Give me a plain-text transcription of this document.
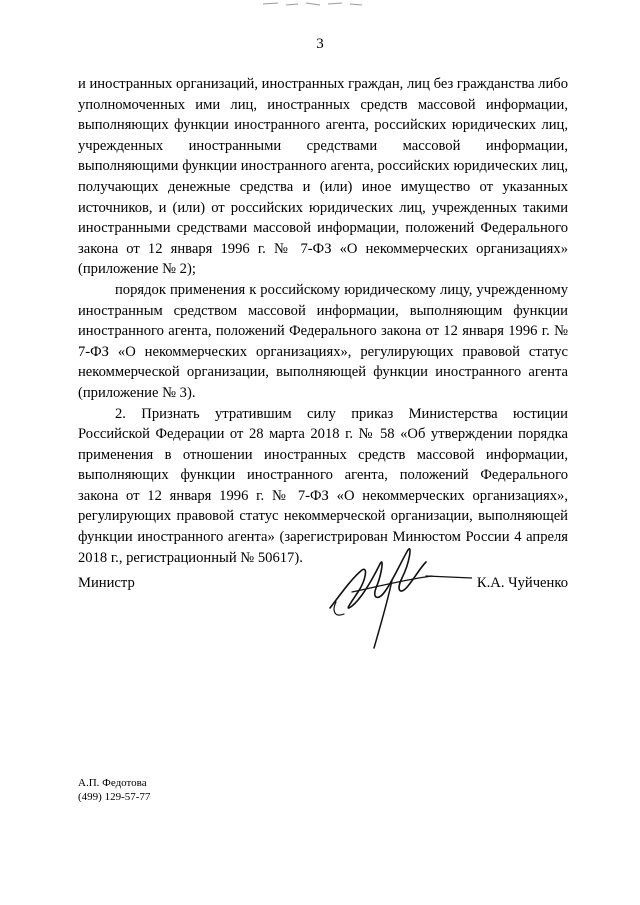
3

и иностранных организаций, иностранных граждан, лиц без гражданства либо уполномоченных ими лиц, иностранных средств массовой информации, выполняющих функции иностранного агента, российских юридических лиц, учрежденных иностранными средствами массовой информации, выполняющими функции иностранного агента, российских юридических лиц, получающих денежные средства и (или) иное имущество от указанных источников, и (или) от российских юридических лиц, учрежденных такими иностранными средствами массовой информации, положений Федерального закона от 12 января 1996 г. № 7-ФЗ «О некоммерческих организациях» (приложение № 2);

порядок применения к российскому юридическому лицу, учрежденному иностранным средством массовой информации, выполняющим функции иностранного агента, положений Федерального закона от 12 января 1996 г. № 7-ФЗ «О некоммерческих организациях», регулирующих правовой статус некоммерческой организации, выполняющей функции иностранного агента (приложение № 3).

2. Признать утратившим силу приказ Министерства юстиции Российской Федерации от 28 марта 2018 г. № 58 «Об утверждении порядка применения в отношении иностранных средств массовой информации, выполняющих функции иностранного агента, положений Федерального закона от 12 января 1996 г. № 7-ФЗ «О некоммерческих организациях», регулирующих правовой статус некоммерческой организации, выполняющей функции иностранного агента» (зарегистрирован Минюстом России 4 апреля 2018 г., регистрационный № 50617).

Министр	К.А. Чуйченко
А.П. Федотова
(499) 129-57-77
